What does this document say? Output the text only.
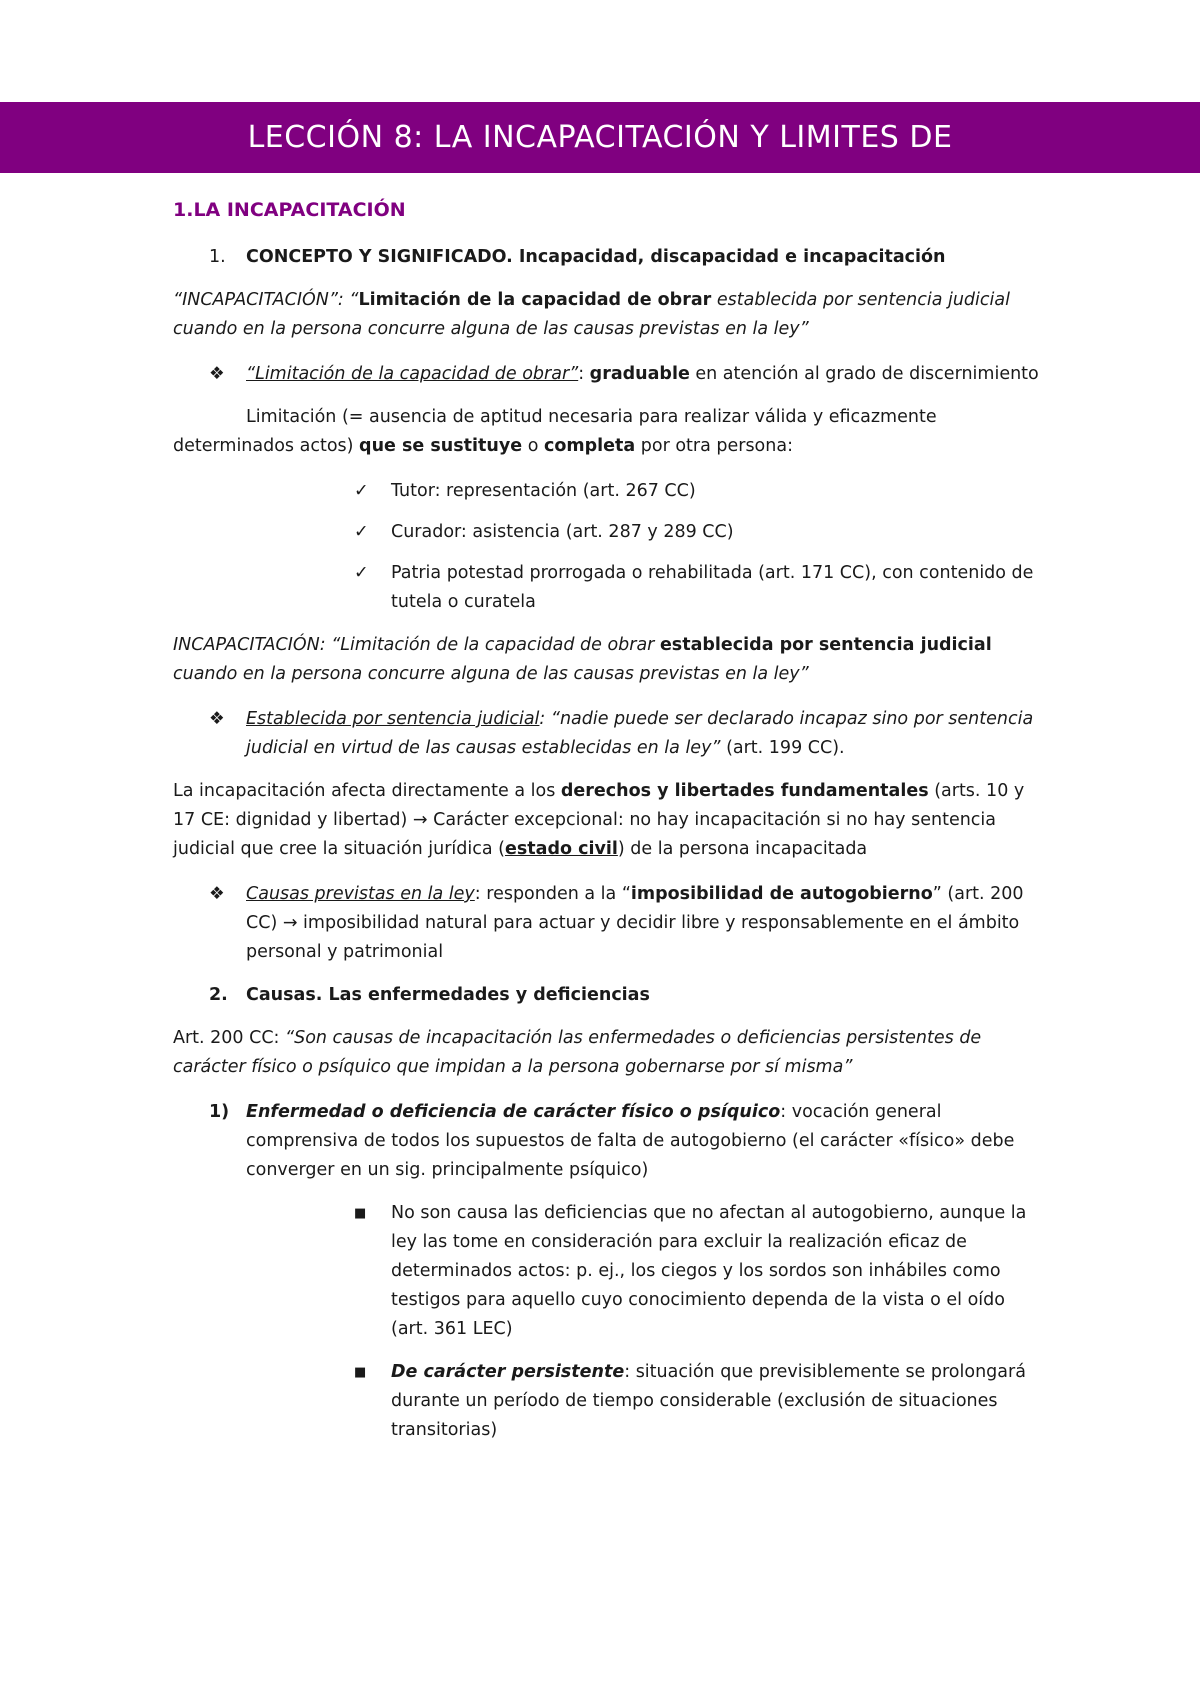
LECCIÓN 8: LA INCAPACITACIÓN Y LIMITES DE
1.LA INCAPACITACIÓN
1.	CONCEPTO Y SIGNIFICADO. Incapacidad, discapacidad e incapacitación
“INCAPACITACIÓN”: “Limitación de la capacidad de obrar establecida por sentencia judicial cuando en la persona concurre alguna de las causas previstas en la ley”
❖	“Limitación de la capacidad de obrar”: graduable en atención al grado de discernimiento
Limitación (= ausencia de aptitud necesaria para realizar válida y eficazmente
determinados actos) que se sustituye o completa por otra persona:
✓	Tutor: representación (art. 267 CC)
✓	Curador: asistencia (art. 287 y 289 CC)
✓	Patria potestad prorrogada o rehabilitada (art. 171 CC), con contenido de tutela o curatela
INCAPACITACIÓN: “Limitación de la capacidad de obrar establecida por sentencia judicial cuando en la persona concurre alguna de las causas previstas en la ley”
❖	Establecida por sentencia judicial: “nadie puede ser declarado incapaz sino por sentencia judicial en virtud de las causas establecidas en la ley” (art. 199 CC).
La incapacitación afecta directamente a los derechos y libertades fundamentales (arts. 10 y 17 CE: dignidad y libertad) → Carácter excepcional: no hay incapacitación si no hay sentencia judicial que cree la situación jurídica (estado civil) de la persona incapacitada
❖	Causas previstas en la ley: responden a la “imposibilidad de autogobierno” (art. 200 CC) → imposibilidad natural para actuar y decidir libre y responsablemente en el ámbito personal y patrimonial
2.	Causas. Las enfermedades y deficiencias
Art. 200 CC: “Son causas de incapacitación las enfermedades o deficiencias persistentes de carácter físico o psíquico que impidan a la persona gobernarse por sí misma”
1) Enfermedad o deficiencia de carácter físico o psíquico: vocación general comprensiva de todos los supuestos de falta de autogobierno (el carácter «físico» debe converger en un sig. principalmente psíquico)
■	No son causa las deficiencias que no afectan al autogobierno, aunque la ley las tome en consideración para excluir la realización eficaz de determinados actos: p. ej., los ciegos y los sordos son inhábiles como testigos para aquello cuyo conocimiento dependa de la vista o el oído (art. 361 LEC)
■	De carácter persistente: situación que previsiblemente se prolongará durante un período de tiempo considerable (exclusión de situaciones transitorias)
